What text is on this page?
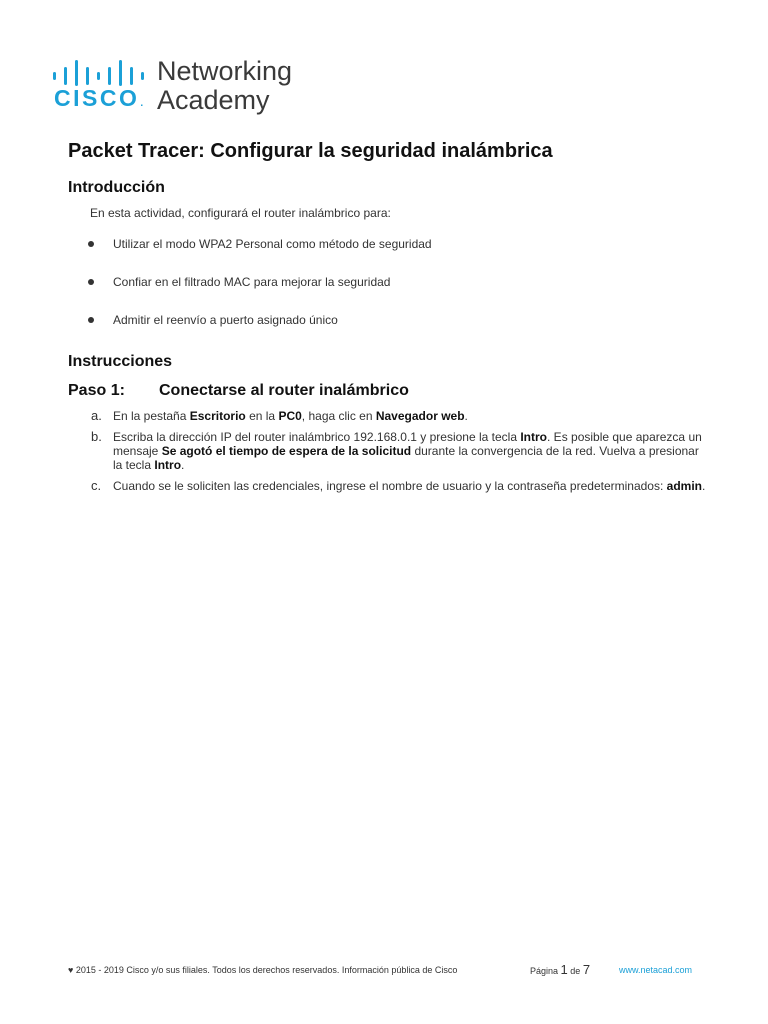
CISCO.
Networking
Academy
Packet Tracer: Configurar la seguridad inalámbrica
Introducción

En esta actividad, configurará el router inalámbrico para:

Utilizar el modo WPA2 Personal como método de seguridad
Confiar en el filtrado MAC para mejorar la seguridad
Admitir el reenvío a puerto asignado único
Instrucciones
Paso 1: Conectarse al router inalámbrico
a. En la pestaña Escritorio en la PC0, haga clic en Navegador web.
b. Escriba la dirección IP del router inalámbrico 192.168.0.1 y presione la tecla Intro. Es posible que aparezca un mensaje Se agotó el tiempo de espera de la solicitud durante la convergencia de la red. Vuelva a presionar la tecla Intro.
c. Cuando se le soliciten las credenciales, ingrese el nombre de usuario y la contraseña predeterminados: admin.
♥ 2015 - 2019 Cisco y/o sus filiales. Todos los derechos reservados. Información pública de Cisco	Página 1 de 7	www.netacad.com
